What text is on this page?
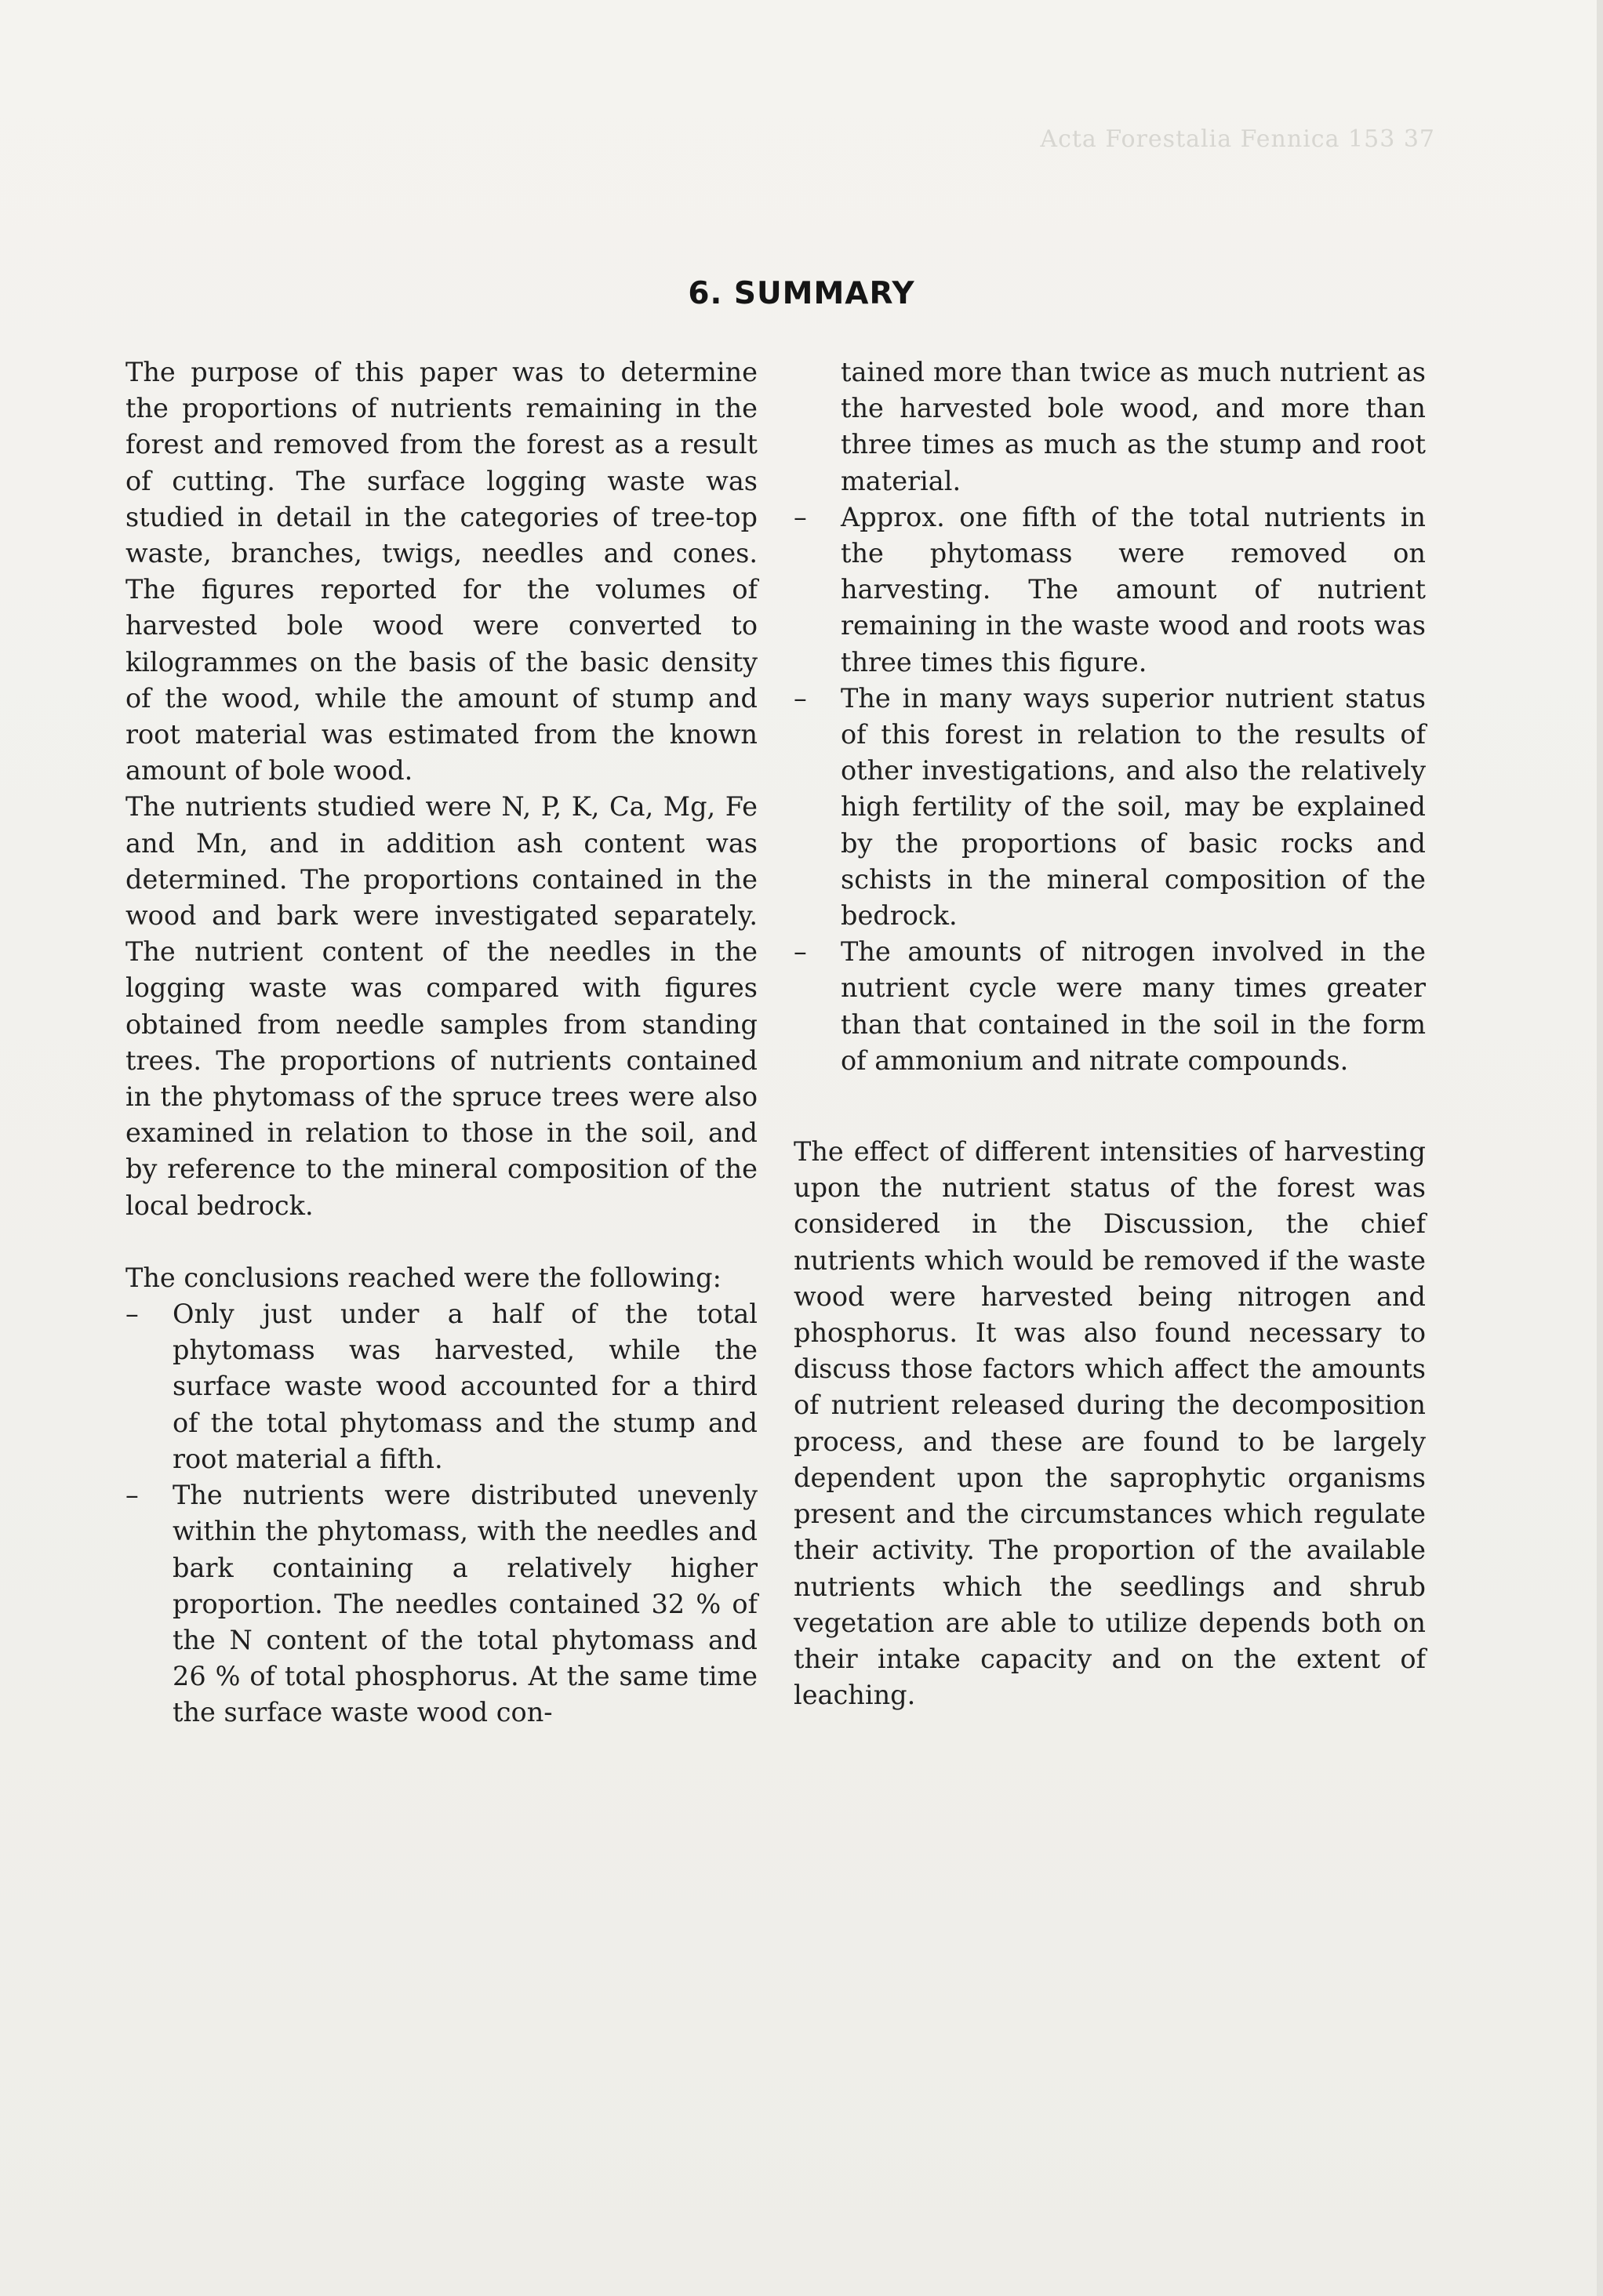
Acta Forestalia Fennica 153 37
6. SUMMARY

The purpose of this paper was to determine the proportions of nutrients remaining in the forest and removed from the forest as a result of cutting. The surface logging waste was studied in detail in the categories of tree-top waste, branches, twigs, needles and cones. The figures reported for the volumes of harvested bole wood were converted to kilogrammes on the basis of the basic density of the wood, while the amount of stump and root material was estimated from the known amount of bole wood.

The nutrients studied were N, P, K, Ca, Mg, Fe and Mn, and in addition ash content was determined. The proportions contained in the wood and bark were investigated separately. The nutrient content of the needles in the logging waste was compared with figures obtained from needle samples from standing trees. The proportions of nutrients contained in the phytomass of the spruce trees were also examined in relation to those in the soil, and by reference to the mineral composition of the local bedrock.

The conclusions reached were the following:

–	Only just under a half of the total phytomass was harvested, while the surface waste wood accounted for a third of the total phytomass and the stump and root material a fifth.
–	The nutrients were distributed unevenly within the phytomass, with the needles and bark containing a relatively higher proportion. The needles contained 32 % of the N content of the total phytomass and 26 % of total phosphorus. At the same time the surface waste wood con-
tained more than twice as much nutrient as the harvested bole wood, and more than three times as much as the stump and root material.
–	Approx. one fifth of the total nutrients in the phytomass were removed on harvesting. The amount of nutrient remaining in the waste wood and roots was three times this figure.
–	The in many ways superior nutrient status of this forest in relation to the results of other investigations, and also the relatively high fertility of the soil, may be explained by the proportions of basic rocks and schists in the mineral composition of the bedrock.
–	The amounts of nitrogen involved in the nutrient cycle were many times greater than that contained in the soil in the form of ammonium and nitrate compounds.

The effect of different intensities of harvesting upon the nutrient status of the forest was considered in the Discussion, the chief nutrients which would be removed if the waste wood were harvested being nitrogen and phosphorus. It was also found necessary to discuss those factors which affect the amounts of nutrient released during the decomposition process, and these are found to be largely dependent upon the saprophytic organisms present and the circumstances which regulate their activity. The proportion of the available nutrients which the seedlings and shrub vegetation are able to utilize depends both on their intake capacity and on the extent of leaching.
